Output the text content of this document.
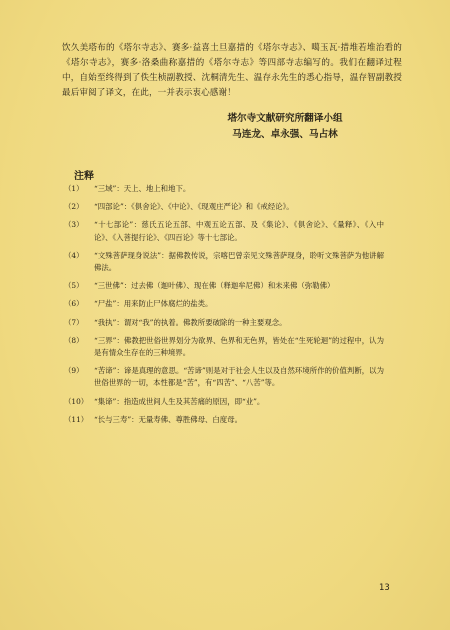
饮久美塔布的《塔尔寺志》、赛多·益喜土旦嘉措的《塔尔寺志》、噶玉瓦·措堆若堆治看的《塔尔寺志》，赛多·洛桑曲称嘉措的《塔尔寺志》等四部寺志编写的。我们在翻译过程中，自始至终得到了佚生桢副教授、沈桐清先生、温存永先生的悉心指导，温存智副教授最后审阅了译文，在此，一并表示衷心感谢！

塔尔寺文献研究所翻译小组
马连龙、卓永强、马占林
注释
（1）	“三域”：天上、地上和地下。
（2）	“四部论”：《俱舍论》、《中论》、《现观庄严论》和《戒经论》。
（3）	“十七部论”：慈氏五论五部、中观五论五部、及《集论》、《俱舍论》、《量释》、《入中论》、《入菩提行论》、《四百论》等十七部论。
（4）	“文殊菩萨现身说法”：据佛教传说，宗喀巴曾亲见文殊菩萨现身，聆听文殊菩萨为他讲解佛法。
（5）	“三世佛”：过去佛（迦叶佛）、现在佛（释迦牟尼佛）和未来佛（弥勒佛）
（6）	“尸盐”：用来防止尸体腐烂的盐类。
（7）	“我执”：谓对“我”的执着。佛教所要破除的一种主要观念。
（8）	“三界”：佛教把世俗世界划分为欲界、色界和无色界，皆处在“生死轮迴”的过程中，认为是有情众生存在的三种境界。
（9）	“苦谛”：谛是真理的意思。“苦谛”则是对于社会人生以及自然环境所作的价值判断，以为世俗世界的一切，本性都是“苦”，有“四苦”、“八苦”等。
（10） “集谛”：指造成世间人生及其苦痛的原因，即“业”。
（11） “长与三寿”：无量寿佛、尊胜佛母、白度母。
13
